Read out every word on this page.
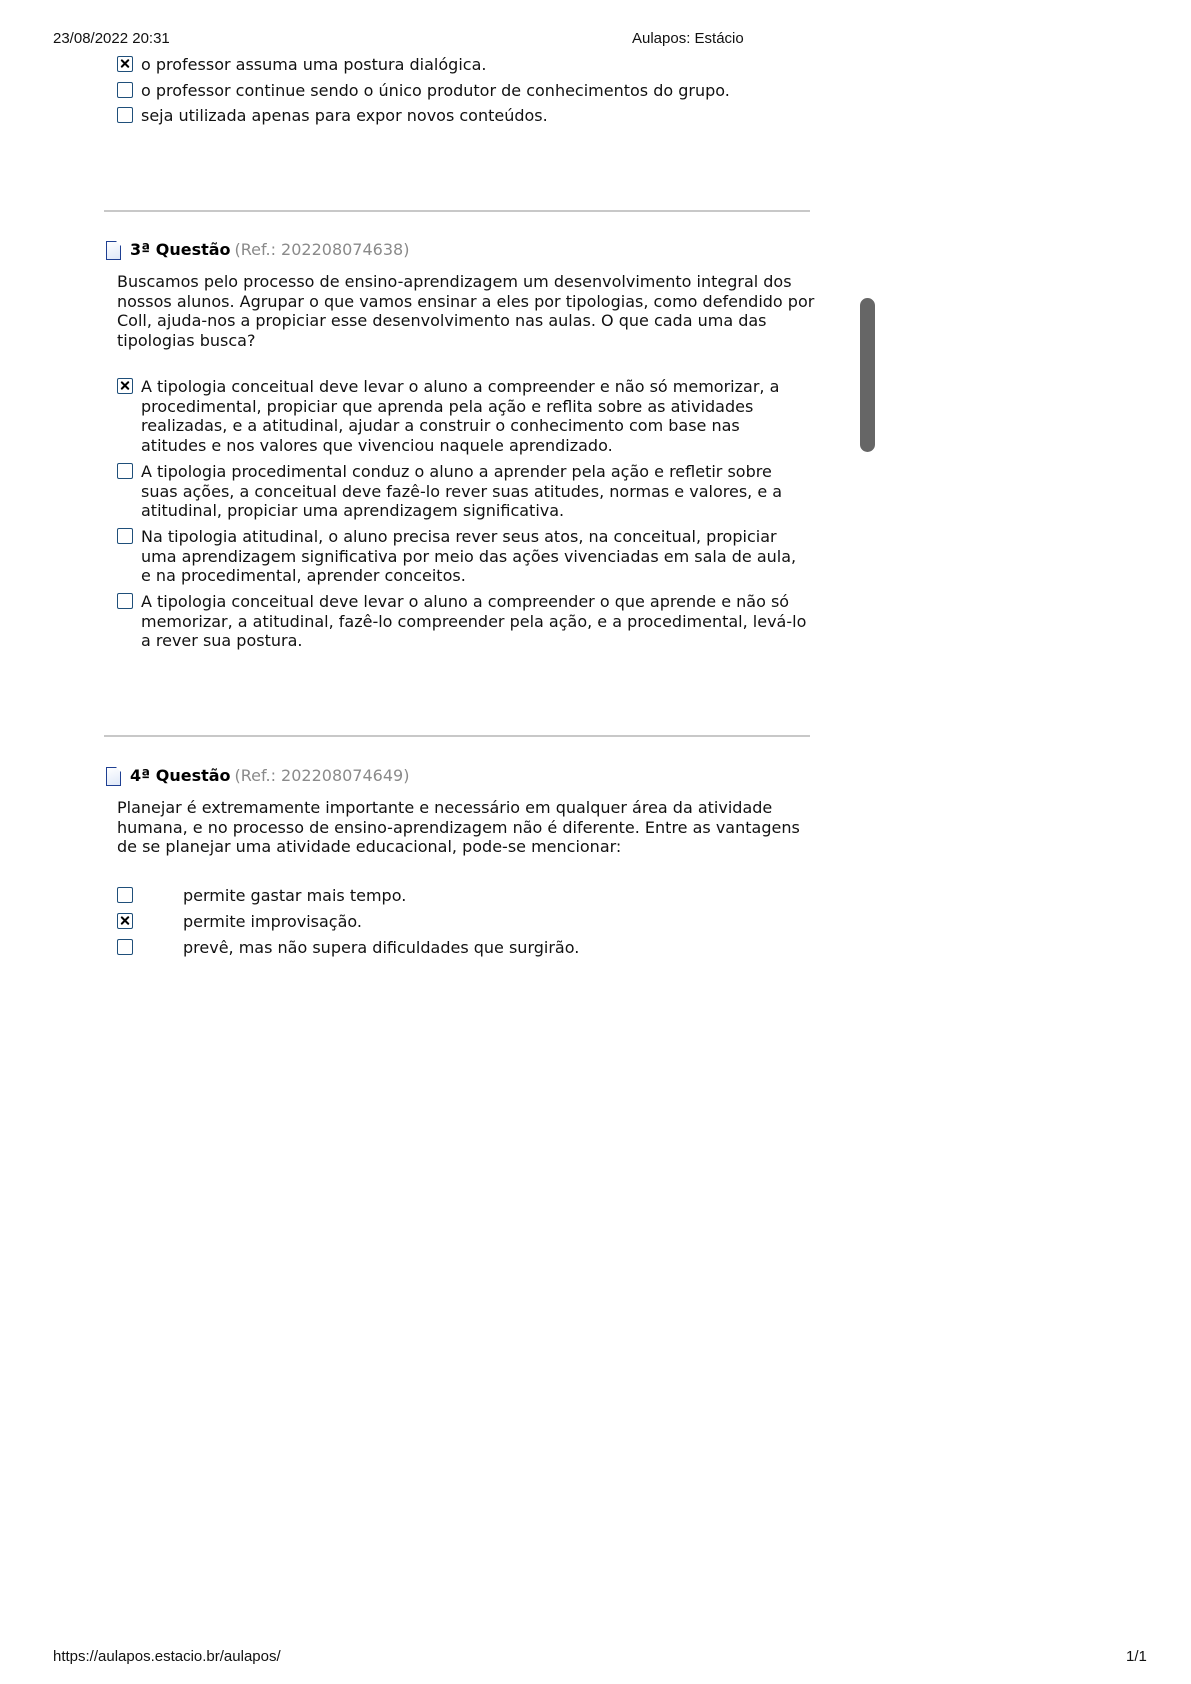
23/08/2022 20:31	Aulapos: Estácio
o professor assuma uma postura dialógica.
o professor continue sendo o único produtor de conhecimentos do grupo.
seja utilizada apenas para expor novos conteúdos.
3ª Questão (Ref.: 202208074638)
Buscamos pelo processo de ensino-aprendizagem um desenvolvimento integral dos nossos alunos. Agrupar o que vamos ensinar a eles por tipologias, como defendido por Coll, ajuda-nos a propiciar esse desenvolvimento nas aulas. O que cada uma das tipologias busca?
A tipologia conceitual deve levar o aluno a compreender e não só memorizar, a procedimental, propiciar que aprenda pela ação e reflita sobre as atividades realizadas, e a atitudinal, ajudar a construir o conhecimento com base nas atitudes e nos valores que vivenciou naquele aprendizado.
A tipologia procedimental conduz o aluno a aprender pela ação e refletir sobre suas ações, a conceitual deve fazê-lo rever suas atitudes, normas e valores, e a atitudinal, propiciar uma aprendizagem significativa.
Na tipologia atitudinal, o aluno precisa rever seus atos, na conceitual, propiciar uma aprendizagem significativa por meio das ações vivenciadas em sala de aula, e na procedimental, aprender conceitos.
A tipologia conceitual deve levar o aluno a compreender o que aprende e não só memorizar, a atitudinal, fazê-lo compreender pela ação, e a procedimental, levá-lo a rever sua postura.
4ª Questão (Ref.: 202208074649)
Planejar é extremamente importante e necessário em qualquer área da atividade humana, e no processo de ensino-aprendizagem não é diferente. Entre as vantagens de se planejar uma atividade educacional, pode-se mencionar:
permite gastar mais tempo.
permite improvisação.
prevê, mas não supera dificuldades que surgirão.
https://aulapos.estacio.br/aulapos/	1/1
